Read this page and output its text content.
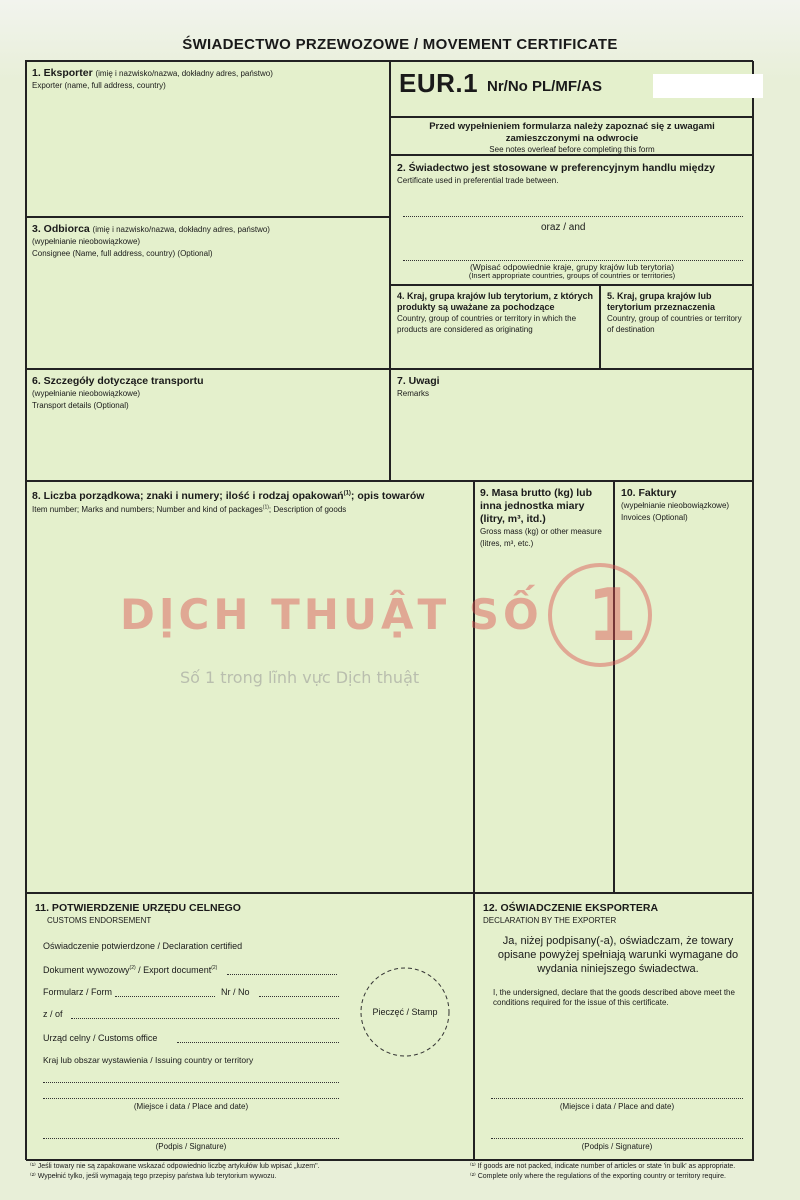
ŚWIADECTWO PRZEWOZOWE / MOVEMENT CERTIFICATE
1. Eksporter (imię i nazwisko/nazwa, dokładny adres, państwo)
Exporter (name, full address, country)	EUR.1 Nr/No PL/MF/AS
Przed wypełnieniem formularza należy zapoznać się z uwagami zamieszczonymi na odwrocie
See notes overleaf before completing this form
2. Świadectwo jest stosowane w preferencyjnym handlu między
Certificate used in preferential trade between.
oraz / and
(Wpisać odpowiednie kraje, grupy krajów lub terytoria)
(Insert appropriate countries, groups of countries or territories)
3. Odbiorca (imię i nazwisko/nazwa, dokładny adres, państwo)
(wypełnianie nieobowiązkowe)
Consignee (Name, full address, country) (Optional)
4. Kraj, grupa krajów lub terytorium, z których produkty są uważane za pochodzące
Country, group of countries or territory in which the products are considered as originating
5. Kraj, grupa krajów lub terytorium przeznaczenia
Country, group of countries or territory of destination
6. Szczegóły dotyczące transportu
(wypełnianie nieobowiązkowe)
Transport details (Optional)
7. Uwagi
Remarks
8. Liczba porządkowa; znaki i numery; ilość i rodzaj opakowań$^{(1)}$; opis towarów
Item number; Marks and numbers; Number and kind of packages$^{(1)}$; Description of goods
9. Masa brutto (kg) lub inna jednostka miary (litry, m³, itd.)
Gross mass (kg) or other measure (litres, m³, etc.)
10. Faktury
(wypełnianie nieobowiązkowe)
Invoices (Optional)
11. POTWIERDZENIE URZĘDU CELNEGO
CUSTOMS ENDORSEMENT
Oświadczenie potwierdzone / Declaration certified
Dokument wywozowy$^{(2)}$ / Export document$^{(2)}$
Formularz / Form	Nr / No
z / of
Urząd celny / Customs office
Kraj lub obszar wystawienia / Issuing country or territory
(Miejsce i data / Place and date)
(Podpis / Signature)
Pieczęć / Stamp
12. OŚWIADCZENIE EKSPORTERA
DECLARATION BY THE EXPORTER
Ja, niżej podpisany(-a), oświadczam, że towary opisane powyżej spełniają warunki wymagane do wydania niniejszego świadectwa.
I, the undersigned, declare that the goods described above meet the conditions required for the issue of this certificate.
(Miejsce i data / Place and date)
(Podpis / Signature)
DỊCH THUẬT SỐ
Số 1 trong lĩnh vực Dịch thuật
1
⁽¹⁾ Jeśli towary nie są zapakowane wskazać odpowiednio liczbę artykułów lub wpisać „luzem".
⁽²⁾ Wypełnić tylko, jeśli wymagają tego przepisy państwa lub terytorium wywozu.
⁽¹⁾ If goods are not packed, indicate number of articles or state 'in bulk' as appropriate.
⁽²⁾ Complete only where the regulations of the exporting country or territory require.
